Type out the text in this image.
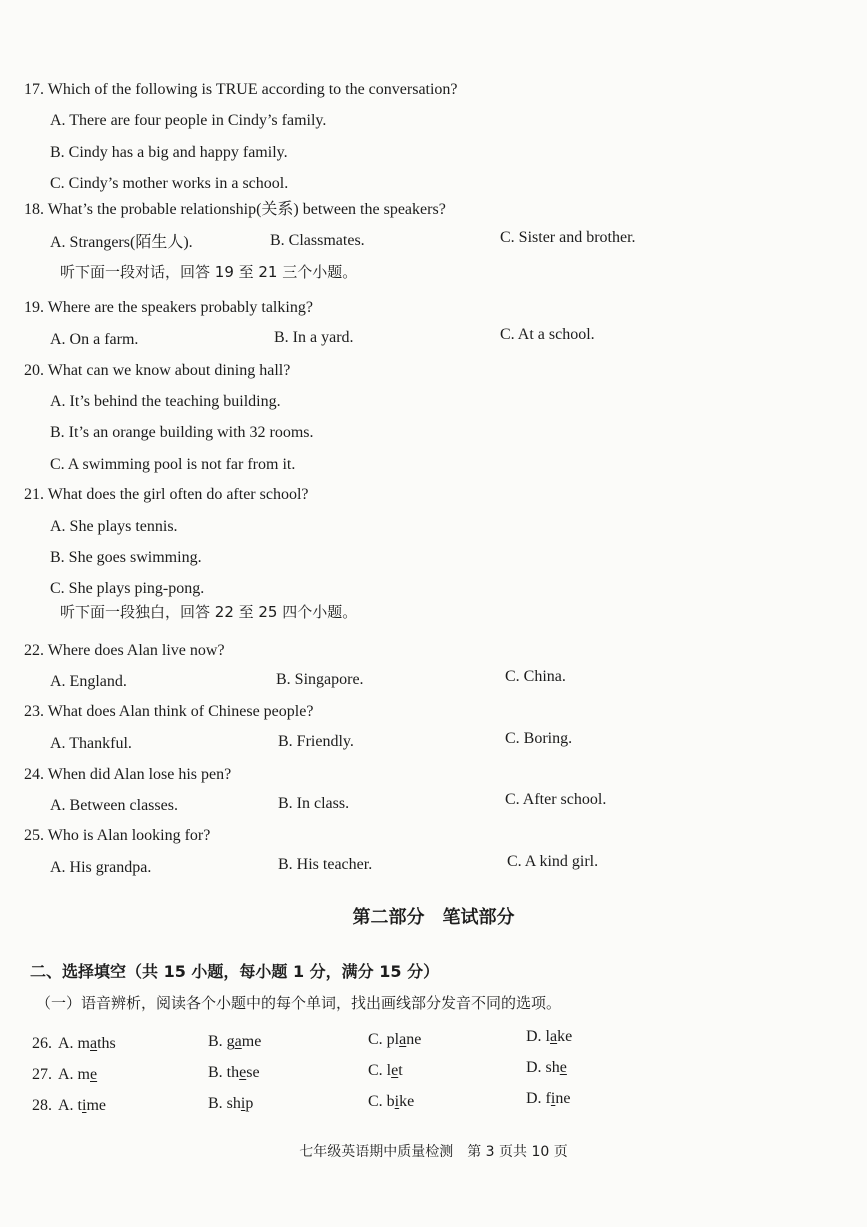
17. Which of the following is TRUE according to the conversation?
A. There are four people in Cindy’s family.
B. Cindy has a big and happy family.
C. Cindy’s mother works in a school.
18. What’s the probable relationship(关系) between the speakers?
A. Strangers(陌生人).	B. Classmates.	C. Sister and brother.
听下面一段对话，回答 19 至 21 三个小题。
19. Where are the speakers probably talking?
A. On a farm.	B. In a yard.	C. At a school.
20. What can we know about dining hall?
A. It’s behind the teaching building.
B. It’s an orange building with 32 rooms.
C. A swimming pool is not far from it.
21. What does the girl often do after school?
A. She plays tennis.
B. She goes swimming.
C. She plays ping-pong.
听下面一段独白，回答 22 至 25 四个小题。
22. Where does Alan live now?
A. England.	B. Singapore.	C. China.
23. What does Alan think of Chinese people?
A. Thankful.	B. Friendly.	C. Boring.
24. When did Alan lose his pen?
A. Between classes.	B. In class.	C. After school.
25. Who is Alan looking for?
A. His grandpa.	B. His teacher.	C. A kind girl.
第二部分　笔试部分
二、选择填空（共 15 小题，每小题 1 分，满分 15 分）
（一）语音辨析，阅读各个小题中的每个单词，找出画线部分发音不同的选项。
26. A. maths	B. game	C. plane	D. lake
27. A. me	B. these	C. let	D. she
28. A. time	B. ship	C. bike	D. fine
七年级英语期中质量检测　第 3 页共 10 页
